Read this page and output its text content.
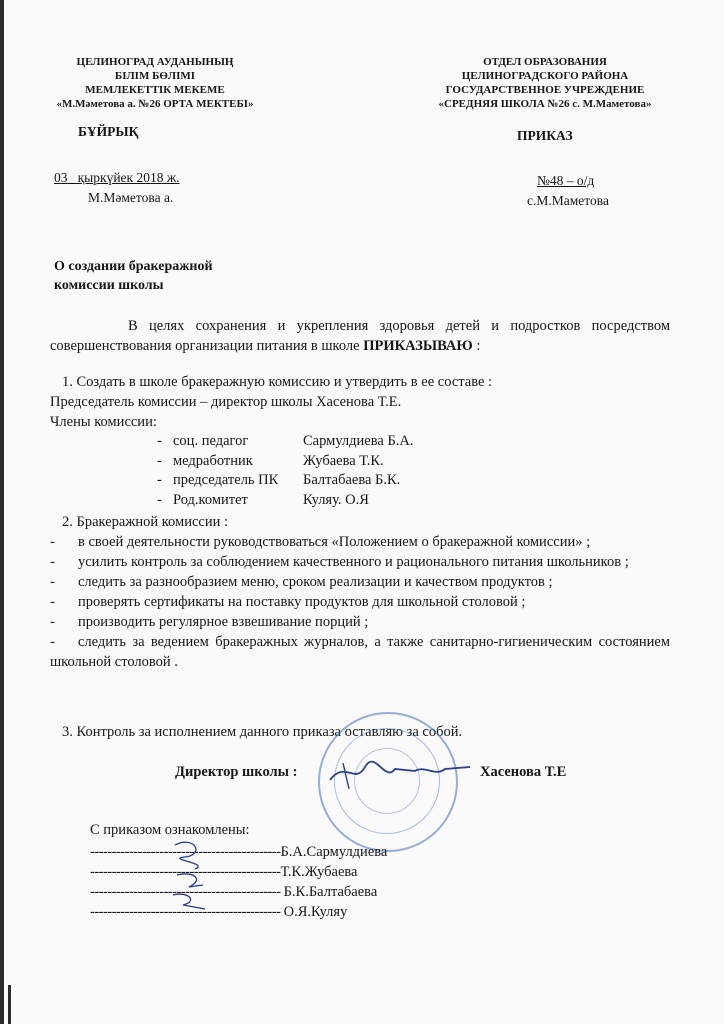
ЦЕЛИНОГРАД АУДАНЫНЫҢ
БІЛІМ БӨЛІМІ
МЕМЛЕКЕТТІК МЕКЕМЕ
«М.Мәметова а. №26 ОРТА МЕКТЕБІ»
БҰЙРЫҚ
03_ қыркүйек 2018 ж.
М.Мәметова а.
ОТДЕЛ ОБРАЗОВАНИЯ
ЦЕЛИНОГРАДСКОГО РАЙОНА
ГОСУДАРСТВЕННОЕ УЧРЕЖДЕНИЕ
«СРЕДНЯЯ ШКОЛА №26 с. М.Маметова»
ПРИКАЗ
№48 – о/д
с.М.Маметова
О создании бракеражной
комиссии школы
В целях сохранения и укрепления здоровья детей и подростков посредством совершенствования организации питания в школе ПРИКАЗЫВАЮ :
1. Создать в школе бракеражную комиссию и утвердить в ее составе :
Председатель комиссии – директор школы Хасенова Т.Е.
Члены комиссии:
- соц. педагог	Сармулдиева Б.А.
- медработник	Жубаева Т.К.
- председатель ПК Балтабаева Б.К.
- Род.комитет	Куляу. О.Я
2. Бракеражной комиссии :
- в своей деятельности руководствоваться «Положением о бракеражной комиссии» ;
- усилить контроль за соблюдением качественного и рационального питания школьников ;
- следить за разнообразием меню, сроком реализации и качеством продуктов ;
- проверять сертификаты на поставку продуктов для школьной столовой ;
- производить регулярное взвешивание порций ;
- следить за ведением бракеражных журналов, а также санитарно-гигиеническим состоянием школьной столовой .
3. Контроль за исполнением данного приказа оставляю за собой.
Директор школы :	Хасенова Т.Е
С приказом ознакомлены:
--------------------------------------------Б.А.Сармулдиева
--------------------------------------------Т.К.Жубаева
-------------------------------------------- Б.К.Балтабаева
-------------------------------------------- О.Я.Куляу
